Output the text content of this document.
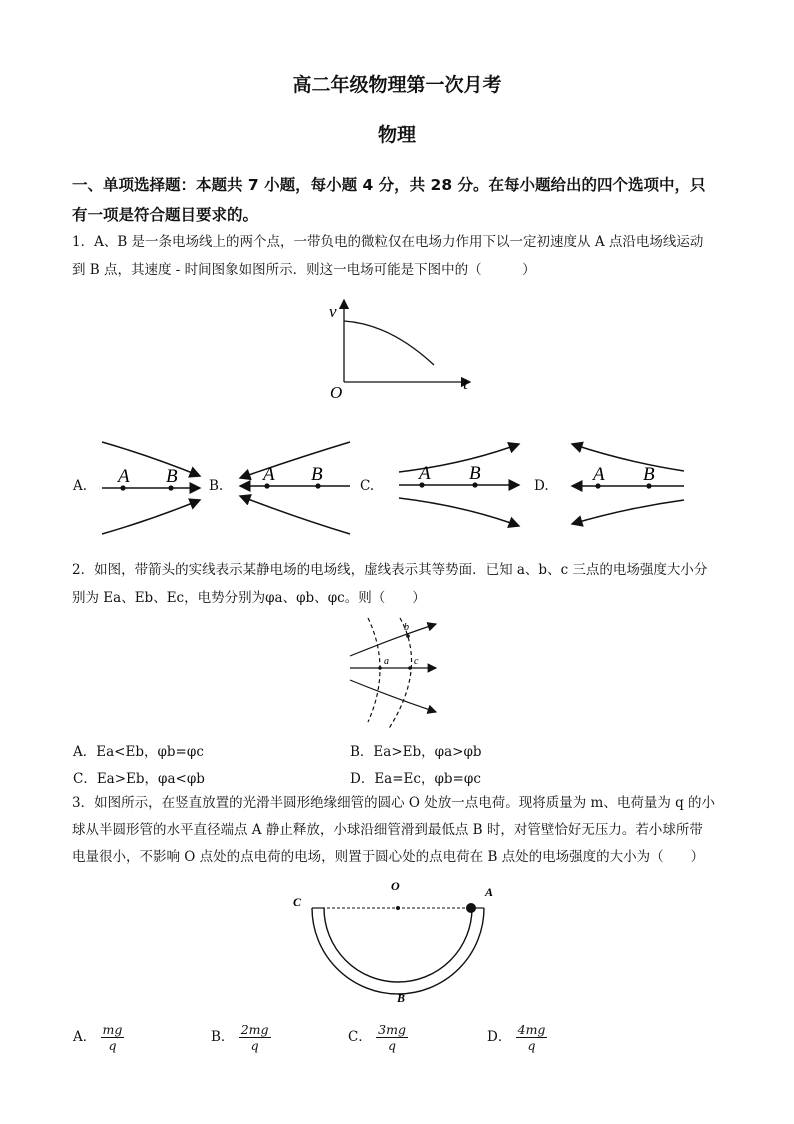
高二年级物理第一次月考
物理
一、单项选择题：本题共 7 小题，每小题 4 分，共 28 分。在每小题给出的四个选项中，只
有一项是符合题目要求的。
1．A、B 是一条电场线上的两个点，一带负电的微粒仅在电场力作用下以一定初速度从 A 点沿电场线运动
到 B 点，其速度 - 时间图象如图所示．则这一电场可能是下图中的（　　　）
v
t
O
A. A B B.
A B
C.
A B
D.
A B
2．如图，带箭头的实线表示某静电场的电场线，虚线表示其等势面．已知 a、b、c 三点的电场强度大小分
别为 Ea、Eb、Ec，电势分别为φa、φb、φc。则（　　）
a
b
c
A．Ea<Eb，φb=φc	B．Ea>Eb，φa>φb
C．Ea>Eb，φa<φb	D．Ea=Ec，φb=φc
3．如图所示，在竖直放置的光滑半圆形绝缘细管的圆心 O 处放一点电荷。现将质量为 m、电荷量为 q 的小
球从半圆形管的水平直径端点 A 静止释放，小球沿细管滑到最低点 B 时，对管壁恰好无压力。若小球所带
电量很小，不影响 O 点处的点电荷的电场，则置于圆心处的点电荷在 B 点处的电场强度的大小为（　　）
C
O	A
B
A． $\frac{mg}{q}$	B． $\frac{2mg}{q}$	C． $\frac{3mg}{q}$	D． $\frac{4mg}{q}$
